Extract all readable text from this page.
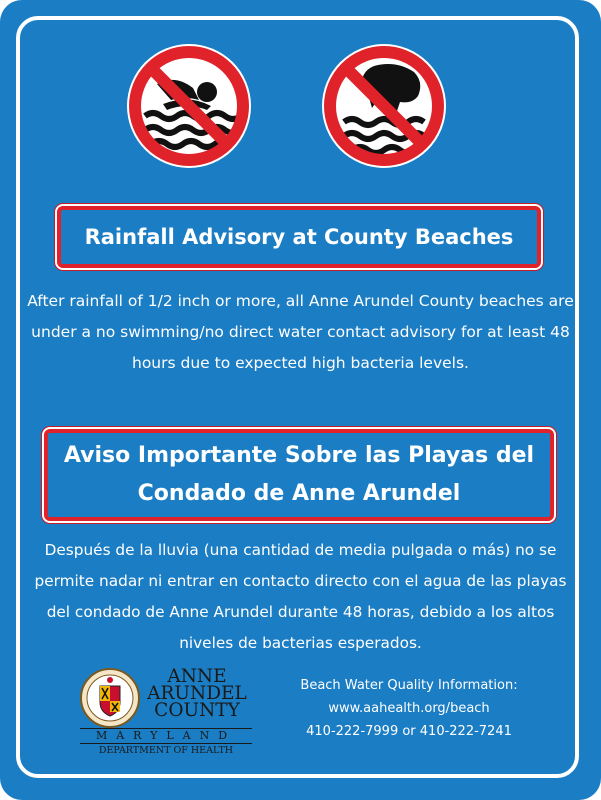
Rainfall Advisory at County Beaches
After rainfall of 1/2 inch or more, all Anne Arundel County beaches are under a no swimming/no direct water contact advisory for at least 48 hours due to expected high bacteria levels.
Aviso Importante Sobre las Playas del Condado de Anne Arundel
Después de la lluvia (una cantidad de media pulgada o más) no se permite nadar ni entrar en contacto directo con el agua de las playas del condado de Anne Arundel durante 48 horas, debido a los altos niveles de bacterias esperados.
ANNE
ARUNDEL
COUNTY
MARYLAND
DEPARTMENT OF HEALTH
Beach Water Quality Information:
www.aahealth.org/beach
410-222-7999 or 410-222-7241
